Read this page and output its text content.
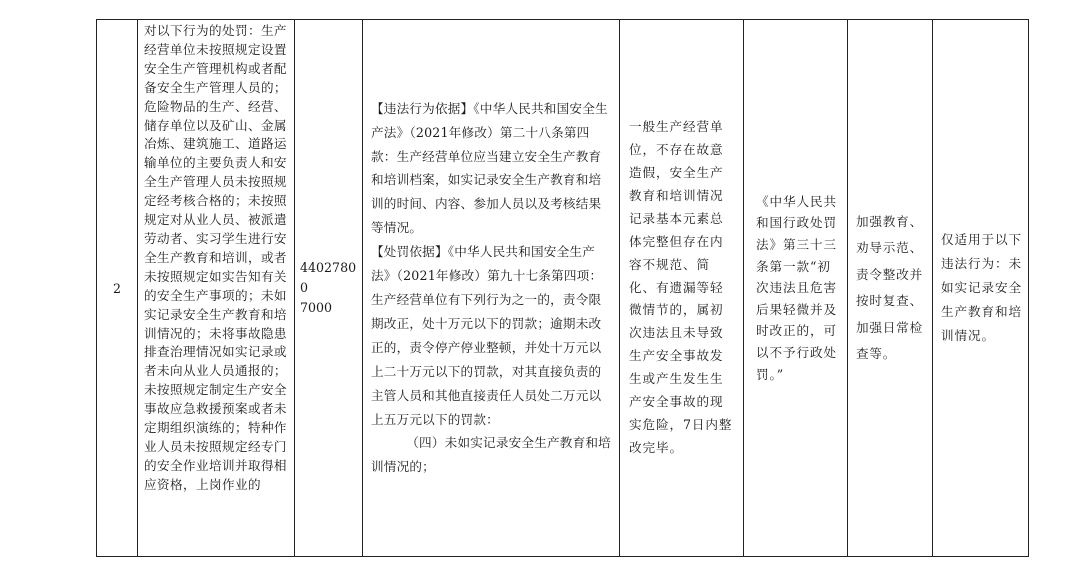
2	对以下行为的处罚：生产经营单位未按照规定设置安全生产管理机构或者配备安全生产管理人员的；危险物品的生产、经营、储存单位以及矿山、金属冶炼、建筑施工、道路运输单位的主要负责人和安全生产管理人员未按照规定经考核合格的；未按照规定对从业人员、被派遣劳动者、实习学生进行安全生产教育和培训，或者未按照规定如实告知有关的安全生产事项的；未如实记录安全生产教育和培训情况的；未将事故隐患排查治理情况如实记录或者未向从业人员通报的；未按照规定制定生产安全事故应急救援预案或者未定期组织演练的；特种作业人员未按照规定经专门的安全作业培训并取得相应资格，上岗作业的	44027800
7000	

【违法行为依据】《中华人民共和国安全生产法》（2021年修改）第二十八条第四款：生产经营单位应当建立安全生产教育和培训档案，如实记录安全生产教育和培训的时间、内容、参加人员以及考核结果等情况。

【处罚依据】《中华人民共和国安全生产法》（2021年修改）第九十七条第四项：生产经营单位有下列行为之一的，责令限期改正，处十万元以下的罚款；逾期未改正的，责令停产停业整顿，并处十万元以上二十万元以下的罚款，对其直接负责的主管人员和其他直接责任人员处二万元以上五万元以下的罚款：

（四）未如实记录安全生产教育和培训情况的；

	一般生产经营单位，不存在故意造假，安全生产教育和培训情况记录基本元素总体完整但存在内容不规范、简化、有遗漏等轻微情节的，属初次违法且未导致生产安全事故发生或产生发生生产安全事故的现实危险，7日内整改完毕。	《中华人民共和国行政处罚法》第三十三条第一款“初次违法且危害后果轻微并及时改正的，可以不予行政处罚。”	加强教育、劝导示范、责令整改并按时复查、加强日常检查等。	仅适用于以下违法行为：未如实记录安全生产教育和培训情况。
